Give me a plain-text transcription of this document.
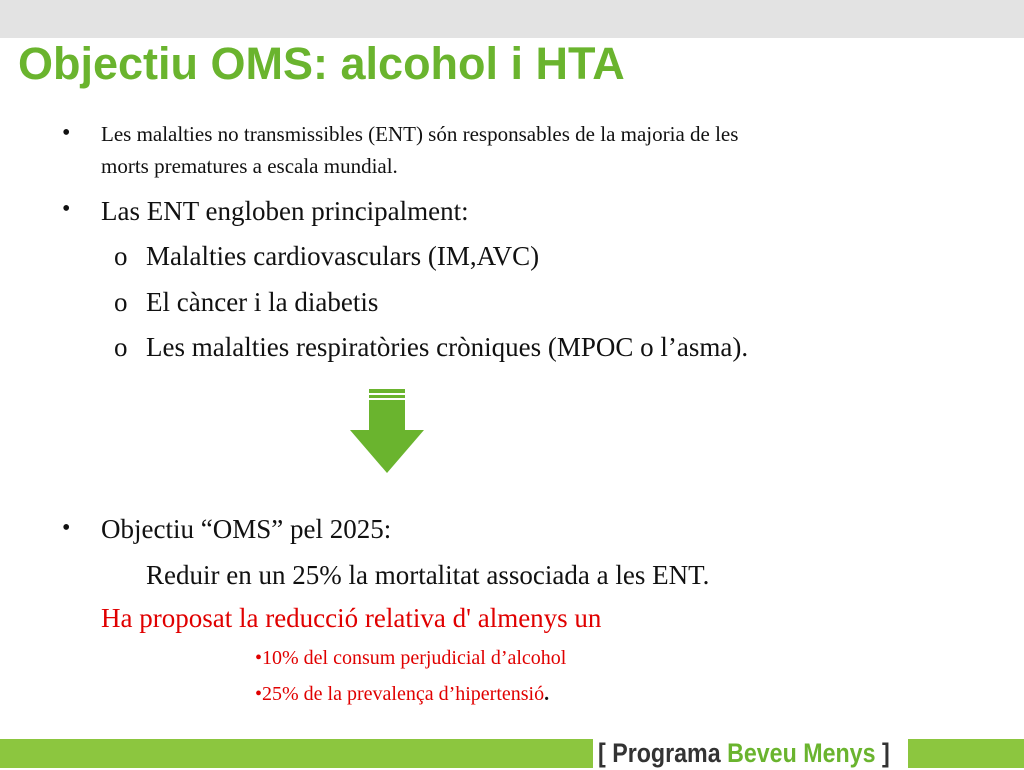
Objectiu OMS: alcohol i HTA
• Les malalties no transmissibles (ENT) són responsables de la majoria de les
morts prematures a escala mundial.
• Las ENT engloben principalment:
o Malalties cardiovasculars (IM,AVC)
o El càncer i la diabetis
o Les malalties respiratòries cròniques (MPOC o l’asma).
• Objectiu “OMS” pel 2025:
Reduir en un 25% la mortalitat associada a les ENT.
Ha proposat la reducció relativa d' almenys un
•10% del consum perjudicial d’alcohol
•25% de la prevalença d’hipertensió.
[ Programa Beveu Menys ]
